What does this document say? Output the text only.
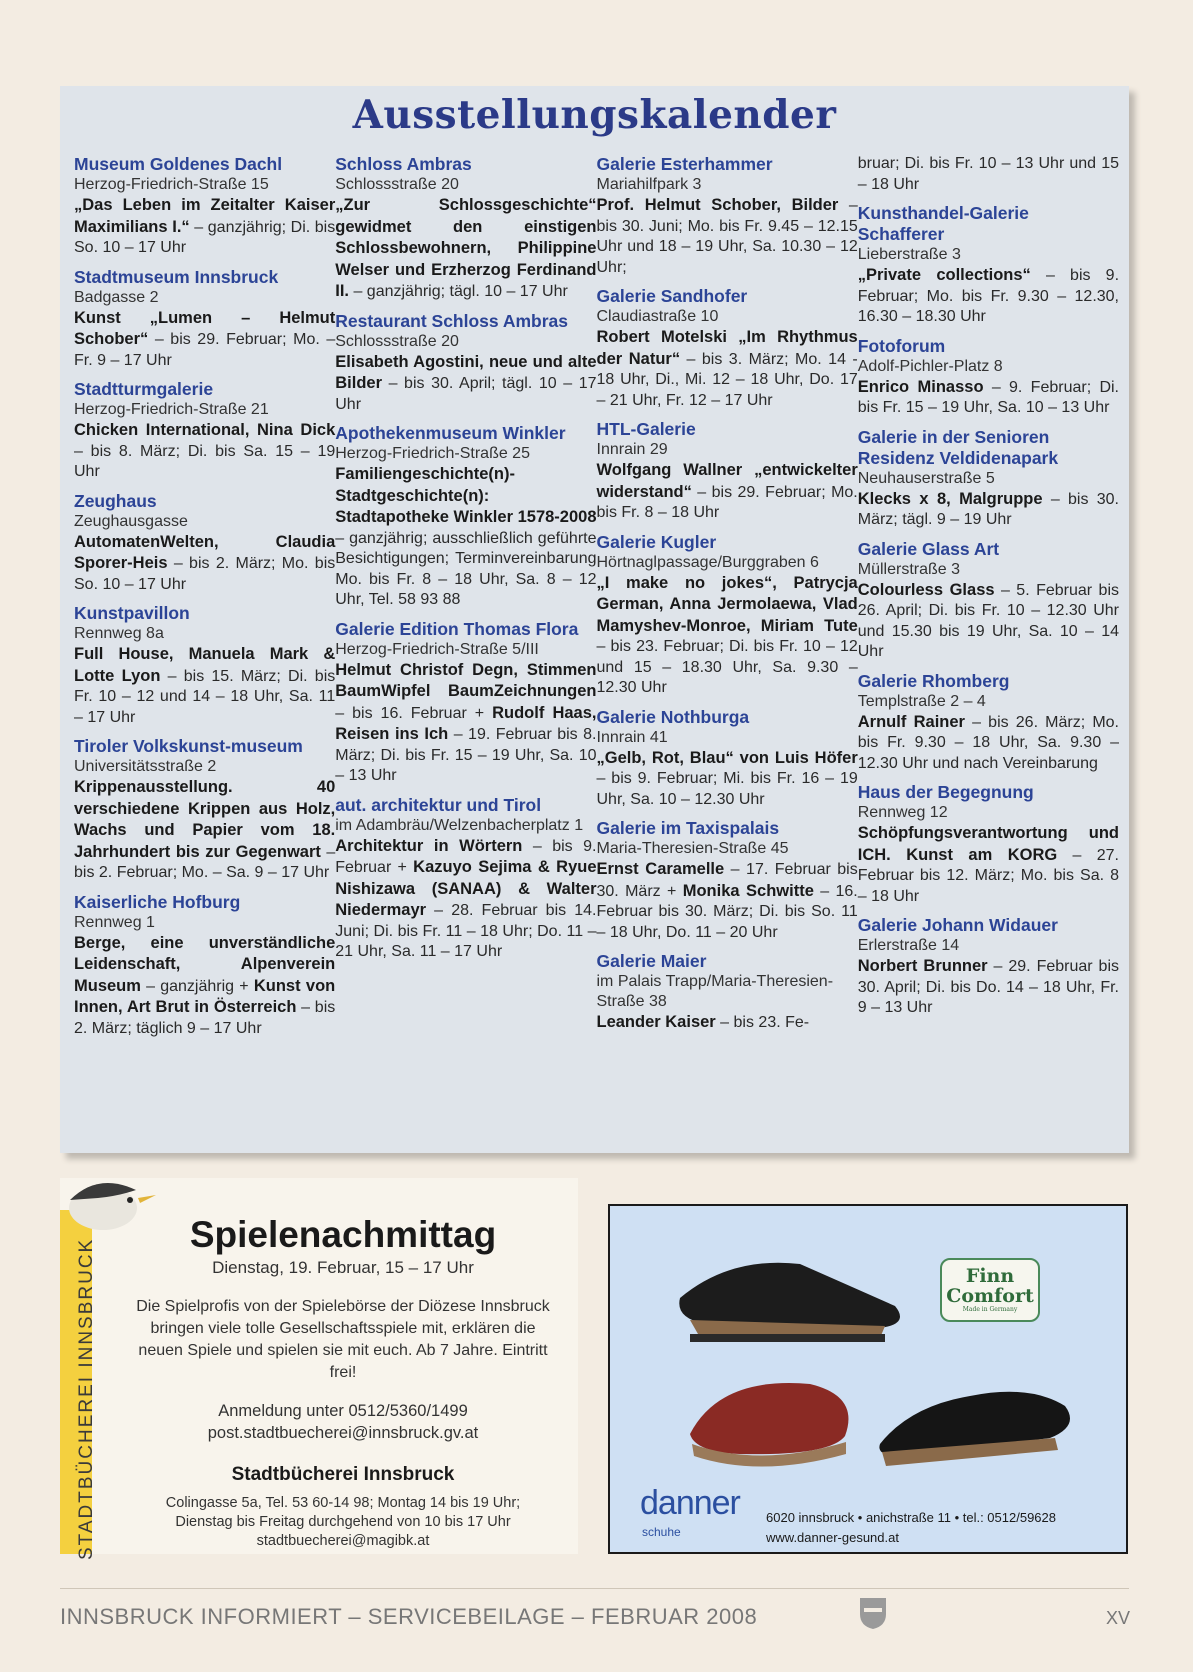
Ausstellungskalender
Museum Goldenes Dachl
Herzog-Friedrich-Straße 15
„Das Leben im Zeitalter Kaiser Maximilians I.“ – ganzjährig; Di. bis So. 10 – 17 Uhr
Stadtmuseum Innsbruck
Badgasse 2
Kunst „Lumen – Helmut Schober“ – bis 29. Februar; Mo. – Fr. 9 – 17 Uhr
Stadtturmgalerie
Herzog-Friedrich-Straße 21
Chicken International, Nina Dick – bis 8. März; Di. bis Sa. 15 – 19 Uhr
Zeughaus
Zeughausgasse
AutomatenWelten, Claudia Sporer-Heis – bis 2. März; Mo. bis So. 10 – 17 Uhr
Kunstpavillon
Rennweg 8a
Full House, Manuela Mark & Lotte Lyon – bis 15. März; Di. bis Fr. 10 – 12 und 14 – 18 Uhr, Sa. 11 – 17 Uhr
Tiroler Volkskunst-museum
Universitätsstraße 2
Krippenausstellung. 40 verschiedene Krippen aus Holz, Wachs und Papier vom 18. Jahrhundert bis zur Gegenwart – bis 2. Februar; Mo. – Sa. 9 – 17 Uhr
Kaiserliche Hofburg
Rennweg 1
Berge, eine unverständliche Leidenschaft, Alpenverein Museum – ganzjährig + Kunst von Innen, Art Brut in Österreich – bis 2. März; täglich 9 – 17 Uhr
Schloss Ambras
Schlossstraße 20
„Zur Schlossgeschichte“ gewidmet den einstigen Schlossbewohnern, Philippine Welser und Erzherzog Ferdinand II. – ganzjährig; tägl. 10 – 17 Uhr
Restaurant Schloss Ambras
Schlossstraße 20
Elisabeth Agostini, neue und alte Bilder – bis 30. April; tägl. 10 – 17 Uhr
Apothekenmuseum Winkler
Herzog-Friedrich-Straße 25
Familiengeschichte(n)-Stadtgeschichte(n): Stadtapotheke Winkler 1578-2008 – ganzjährig; ausschließlich geführte Besichtigungen; Terminvereinbarung Mo. bis Fr. 8 – 18 Uhr, Sa. 8 – 12 Uhr, Tel. 58 93 88
Galerie Edition Thomas Flora
Herzog-Friedrich-Straße 5/III
Helmut Christof Degn, Stimmen BaumWipfel BaumZeichnungen – bis 16. Februar + Rudolf Haas, Reisen ins Ich – 19. Februar bis 8. März; Di. bis Fr. 15 – 19 Uhr, Sa. 10 – 13 Uhr
aut. architektur und Tirol
im Adambräu/Welzenbacherplatz 1
Architektur in Wörtern – bis 9. Februar + Kazuyo Sejima & Ryue Nishizawa (SANAA) & Walter Niedermayr – 28. Februar bis 14. Juni; Di. bis Fr. 11 – 18 Uhr; Do. 11 – 21 Uhr, Sa. 11 – 17 Uhr
Galerie Esterhammer
Mariahilfpark 3
Prof. Helmut Schober, Bilder – bis 30. Juni; Mo. bis Fr. 9.45 – 12.15 Uhr und 18 – 19 Uhr, Sa. 10.30 – 12 Uhr;
Galerie Sandhofer
Claudiastraße 10
Robert Motelski „Im Rhythmus der Natur“ – bis 3. März; Mo. 14 - 18 Uhr, Di., Mi. 12 – 18 Uhr, Do. 17 – 21 Uhr, Fr. 12 – 17 Uhr
HTL-Galerie
Innrain 29
Wolfgang Wallner „entwickelter widerstand“ – bis 29. Februar; Mo. bis Fr. 8 – 18 Uhr
Galerie Kugler
Hörtnaglpassage/Burggraben 6
„I make no jokes“, Patrycja German, Anna Jermolaewa, Vlad Mamyshev-Monroe, Miriam Tute – bis 23. Februar; Di. bis Fr. 10 – 12 und 15 – 18.30 Uhr, Sa. 9.30 – 12.30 Uhr
Galerie Nothburga
Innrain 41
„Gelb, Rot, Blau“ von Luis Höfer – bis 9. Februar; Mi. bis Fr. 16 – 19 Uhr, Sa. 10 – 12.30 Uhr
Galerie im Taxispalais
Maria-Theresien-Straße 45
Ernst Caramelle – 17. Februar bis 30. März + Monika Schwitte – 16. Februar bis 30. März; Di. bis So. 11 – 18 Uhr, Do. 11 – 20 Uhr
Galerie Maier
im Palais Trapp/Maria-Theresien-Straße 38
Leander Kaiser – bis 23. Fe-
bruar; Di. bis Fr. 10 – 13 Uhr und 15 – 18 Uhr
Kunsthandel-Galerie Schafferer
Lieberstraße 3
„Private collections“ – bis 9. Februar; Mo. bis Fr. 9.30 – 12.30, 16.30 – 18.30 Uhr
Fotoforum
Adolf-Pichler-Platz 8
Enrico Minasso – 9. Februar; Di. bis Fr. 15 – 19 Uhr, Sa. 10 – 13 Uhr
Galerie in der Senioren Residenz Veldidenapark
Neuhauserstraße 5
Klecks x 8, Malgruppe – bis 30. März; tägl. 9 – 19 Uhr
Galerie Glass Art
Müllerstraße 3
Colourless Glass – 5. Februar bis 26. April; Di. bis Fr. 10 – 12.30 Uhr und 15.30 bis 19 Uhr, Sa. 10 – 14 Uhr
Galerie Rhomberg
Templstraße 2 – 4
Arnulf Rainer – bis 26. März; Mo. bis Fr. 9.30 – 18 Uhr, Sa. 9.30 – 12.30 Uhr und nach Vereinbarung
Haus der Begegnung
Rennweg 12
Schöpfungsverantwortung und ICH. Kunst am KORG – 27. Februar bis 12. März; Mo. bis Sa. 8 – 18 Uhr
Galerie Johann Widauer
Erlerstraße 14
Norbert Brunner – 29. Februar bis 30. April; Di. bis Do. 14 – 18 Uhr, Fr. 9 – 13 Uhr
STADTBÜCHEREI INNSBRUCK
Spielenachmittag
Dienstag, 19. Februar, 15 – 17 Uhr
Die Spielprofis von der Spielebörse der Diözese Innsbruck bringen viele tolle Gesellschaftsspiele mit, erklären die neuen Spiele und spielen sie mit euch. Ab 7 Jahre. Eintritt frei!
Anmeldung unter 0512/5360/1499
post.stadtbuecherei@innsbruck.gv.at
Stadtbücherei Innsbruck
Colingasse 5a, Tel. 53 60-14 98; Montag 14 bis 19 Uhr;
Dienstag bis Freitag durchgehend von 10 bis 17 Uhr
stadtbuecherei@magibk.at
Finn
Comfort
Made in Germany
danner
schuhe
6020 innsbruck • anichstraße 11 • tel.: 0512/59628
www.danner-gesund.at
INNSBRUCK INFORMIERT – SERVICEBEILAGE – FEBRUAR 2008	XV
